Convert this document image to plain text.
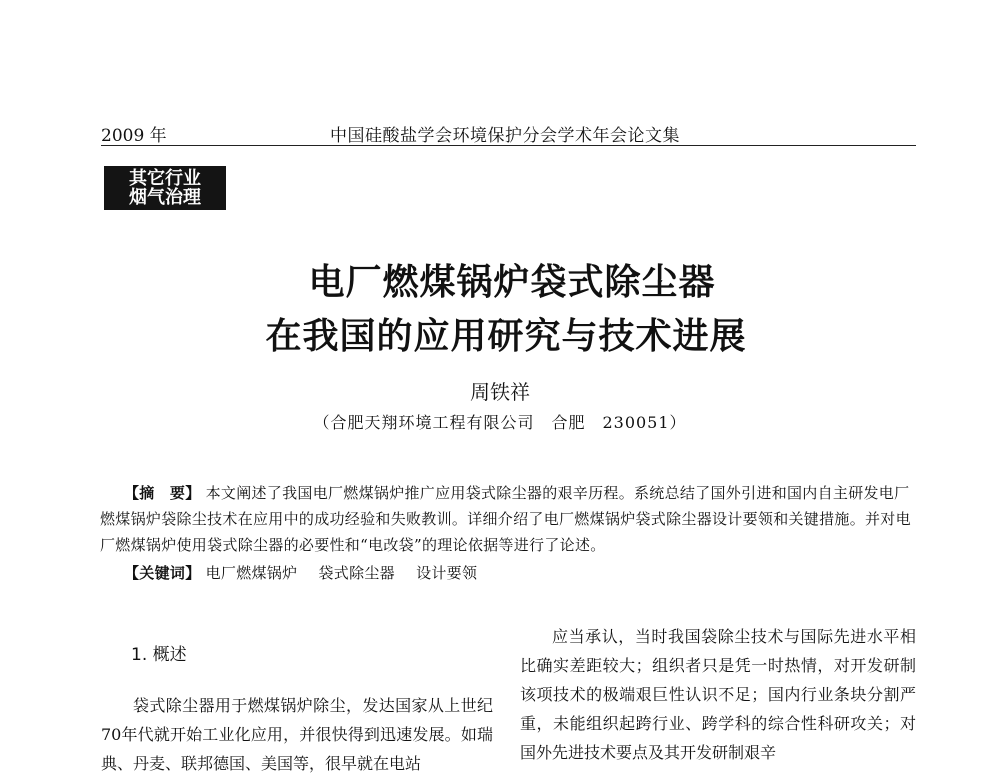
2009 年	中国硅酸盐学会环境保护分会学术年会论文集
其它行业
烟气治理
电厂燃煤锅炉袋式除尘器
在我国的应用研究与技术进展
周铁祥
（合肥天翔环境工程有限公司　合肥　230051）
【摘　要】 本文阐述了我国电厂燃煤锅炉推广应用袋式除尘器的艰辛历程。系统总结了国外引进和国内自主研发电厂燃煤锅炉袋除尘技术在应用中的成功经验和失败教训。详细介绍了电厂燃煤锅炉袋式除尘器设计要领和关键措施。并对电厂燃煤锅炉使用袋式除尘器的必要性和“电改袋”的理论依据等进行了论述。
【关键词】 电厂燃煤锅炉 袋式除尘器 设计要领
1. 概述
袋式除尘器用于燃煤锅炉除尘，发达国家从上世纪70年代就开始工业化应用，并很快得到迅速发展。如瑞典、丹麦、联邦德国、美国等，很早就在电站
应当承认，当时我国袋除尘技术与国际先进水平相比确实差距较大；组织者只是凭一时热情，对开发研制该项技术的极端艰巨性认识不足；国内行业条块分割严重，未能组织起跨行业、跨学科的综合性科研攻关；对国外先进技术要点及其开发研制艰辛
